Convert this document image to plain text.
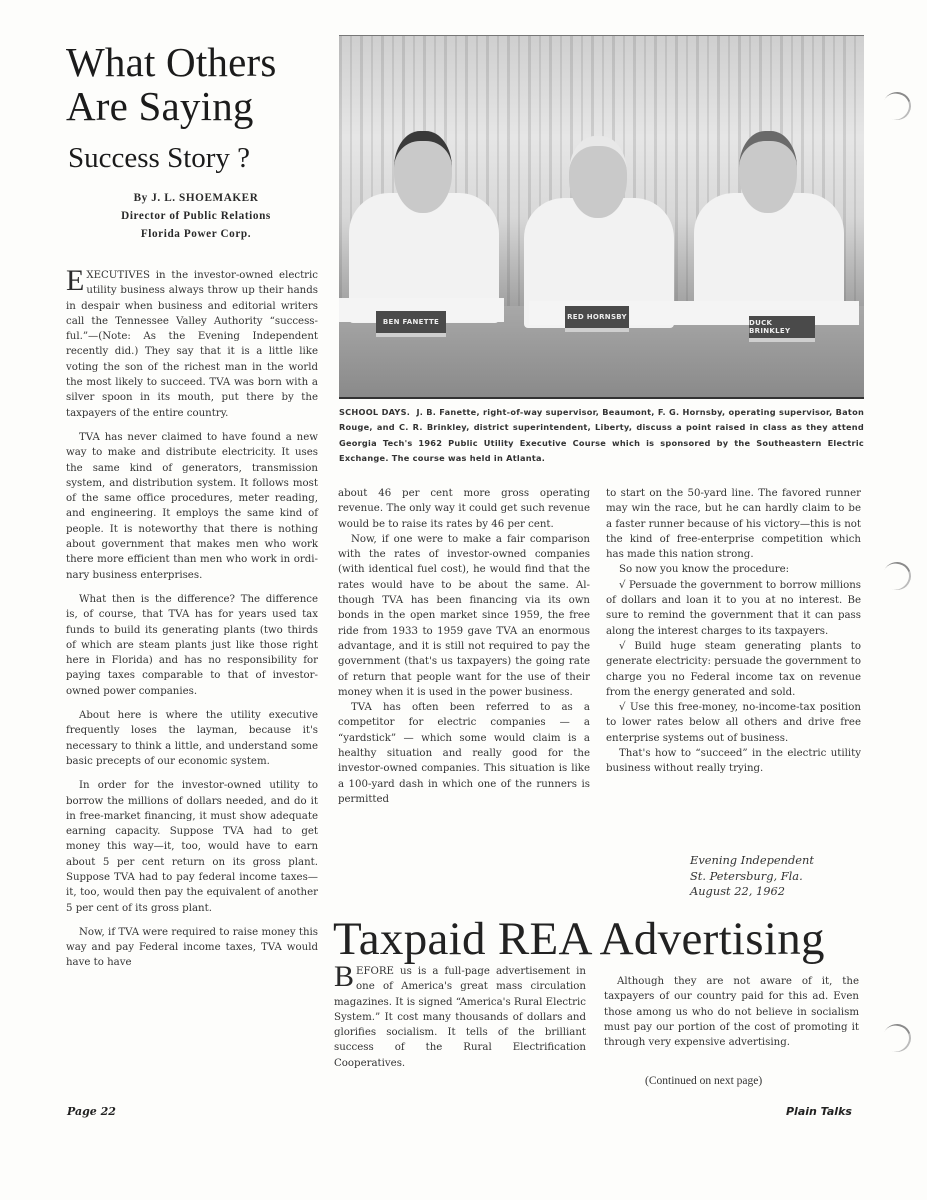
What Others
Are Saying
Success Story ?
By J. L. SHOEMAKER
Director of Public Relations
Florida Power Corp.
BEN FANETTE
RED HORNSBY
DUCK BRINKLEY
SCHOOL DAYS. J. B. Fanette, right-of-way supervisor, Beaumont, F. G. Hornsby, operating supervisor, Baton Rouge, and C. R. Brinkley, district superintendent, Liberty, discuss a point raised in class as they attend Georgia Tech's 1962 Public Utility Executive Course which is sponsored by the Southeastern Electric Exchange. The course was held in Atlanta.

EXECUTIVES in the investor-owned electric utility business always throw up their hands in despair when business and editorial writers call the Tennessee Valley Authority “successful.”—(Note: As the Evening Independent recently did.) They say that it is a little like voting the son of the richest man in the world the most likely to succeed. TVA was born with a silver spoon in its mouth, put there by the taxpayers of the entire country.

TVA has never claimed to have found a new way to make and distribute electricity. It uses the same kind of generators, transmission system, and distribution system. It follows most of the same office procedures, meter reading, and engineering. It employs the same kind of people. It is noteworthy that there is nothing about government that makes men who work there more efficient than men who work in ordinary business enterprises.

What then is the difference? The difference is, of course, that TVA has for years used tax funds to build its generating plants (two thirds of which are steam plants just like those right here in Florida) and has no responsibility for paying taxes comparable to that of investor-owned power companies.

About here is where the utility executive frequently loses the layman, because it's necessary to think a little, and understand some basic precepts of our economic system.

In order for the investor-owned utility to borrow the millions of dollars needed, and do it in free-market financing, it must show adequate earning capacity. Suppose TVA had to get money this way—it, too, would have to earn about 5 per cent return on its gross plant. Suppose TVA had to pay federal income taxes—it, too, would then pay the equivalent of another 5 per cent of its gross plant.

Now, if TVA were required to raise money this way and pay Federal income taxes, TVA would have to have

about 46 per cent more gross operating revenue. The only way it could get such revenue would be to raise its rates by 46 per cent.

Now, if one were to make a fair comparison with the rates of investor-owned companies (with identical fuel cost), he would find that the rates would have to be about the same. Although TVA has been financing via its own bonds in the open market since 1959, the free ride from 1933 to 1959 gave TVA an enormous advantage, and it is still not required to pay the government (that's us taxpayers) the going rate of return that people want for the use of their money when it is used in the power business.

TVA has often been referred to as a competitor for electric companies — a “yardstick” — which some would claim is a healthy situation and really good for the investor-owned companies. This situation is like a 100-yard dash in which one of the runners is permitted

to start on the 50-yard line. The favored runner may win the race, but he can hardly claim to be a faster runner because of his victory—this is not the kind of free-enterprise competition which has made this nation strong.

So now you know the procedure:

√ Persuade the government to borrow millions of dollars and loan it to you at no interest. Be sure to remind the government that it can pass along the interest charges to its taxpayers.

√ Build huge steam generating plants to generate electricity: persuade the government to charge you no Federal income tax on revenue from the energy generated and sold.

√ Use this free-money, no-income-tax position to lower rates below all others and drive free enterprise systems out of business.

That's how to “succeed” in the electric utility business without really trying.

Evening Independent
St. Petersburg, Fla.
August 22, 1962
Taxpaid REA Advertising

BEFORE us is a full-page advertisement in one of America's great mass circulation magazines. It is signed “America's Rural Electric System.” It cost many thousands of dollars and glorifies socialism. It tells of the brilliant success of the Rural Electrification Cooperatives.

Although they are not aware of it, the taxpayers of our country paid for this ad. Even those among us who do not believe in socialism must pay our portion of the cost of promoting it through very expensive advertising.

(Continued on next page)
Page 22	Plain Talks
